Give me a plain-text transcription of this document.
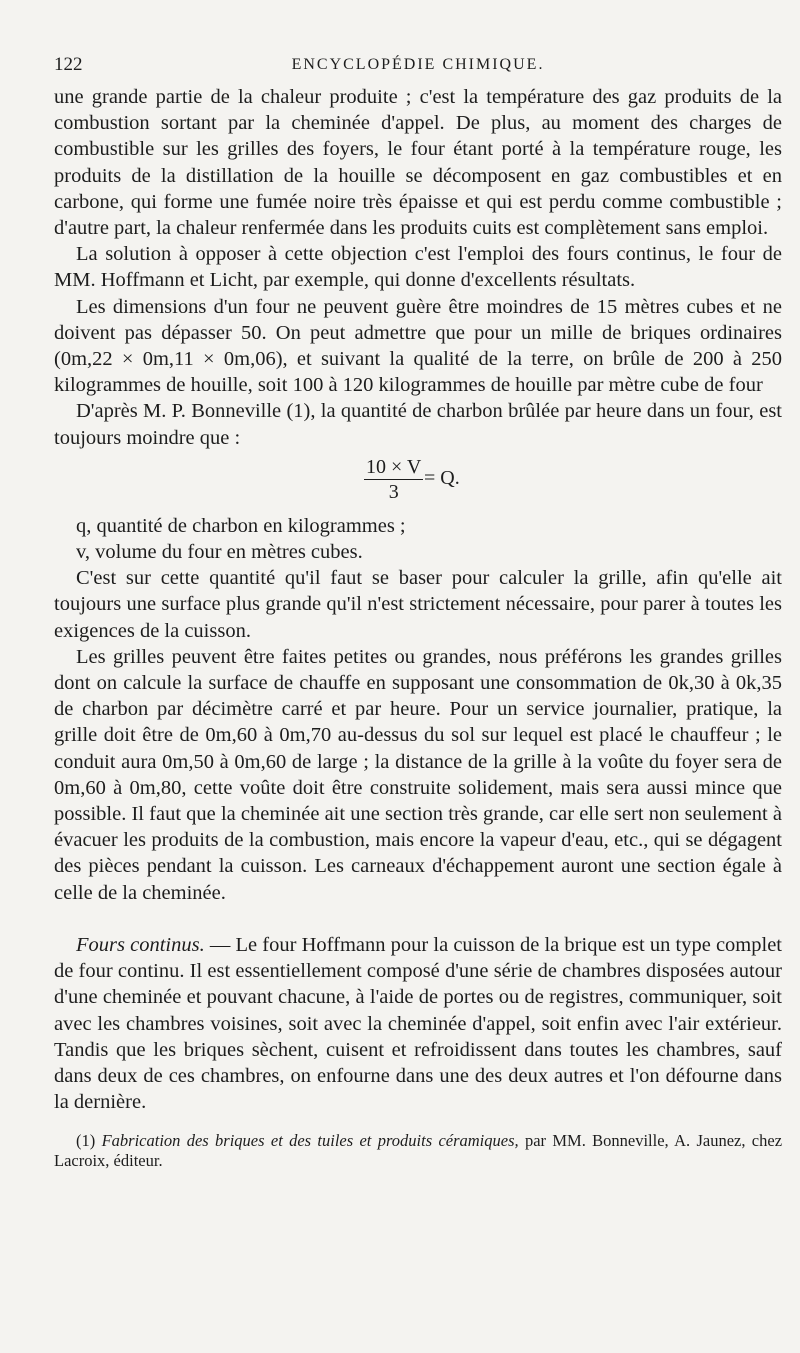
122	ENCYCLOPÉDIE CHIMIQUE.

une grande partie de la chaleur produite ; c'est la température des gaz produits de la combustion sortant par la cheminée d'appel. De plus, au moment des charges de combustible sur les grilles des foyers, le four étant porté à la température rouge, les produits de la distillation de la houille se décomposent en gaz combustibles et en carbone, qui forme une fumée noire très épaisse et qui est perdu comme combustible ; d'autre part, la chaleur renfermée dans les produits cuits est complètement sans emploi.

La solution à opposer à cette objection c'est l'emploi des fours continus, le four de MM. Hoffmann et Licht, par exemple, qui donne d'excellents résultats.

Les dimensions d'un four ne peuvent guère être moindres de 15 mètres cubes et ne doivent pas dépasser 50. On peut admettre que pour un mille de briques ordinaires (0m,22 × 0m,11 × 0m,06), et suivant la qualité de la terre, on brûle de 200 à 250 kilogrammes de houille, soit 100 à 120 kilogrammes de houille par mètre cube de four

D'après M. P. Bonneville (1), la quantité de charbon brûlée par heure dans un four, est toujours moindre que :

$\frac{10 \times V}{3} = Q$.
q, quantité de charbon en kilogrammes ;
v, volume du four en mètres cubes.

C'est sur cette quantité qu'il faut se baser pour calculer la grille, afin qu'elle ait toujours une surface plus grande qu'il n'est strictement nécessaire, pour parer à toutes les exigences de la cuisson.

Les grilles peuvent être faites petites ou grandes, nous préférons les grandes grilles dont on calcule la surface de chauffe en supposant une consommation de 0k,30 à 0k,35 de charbon par décimètre carré et par heure. Pour un service journalier, pratique, la grille doit être de 0m,60 à 0m,70 au-dessus du sol sur lequel est placé le chauffeur ; le conduit aura 0m,50 à 0m,60 de large ; la distance de la grille à la voûte du foyer sera de 0m,60 à 0m,80, cette voûte doit être construite solidement, mais sera aussi mince que possible. Il faut que la cheminée ait une section très grande, car elle sert non seulement à évacuer les produits de la combustion, mais encore la vapeur d'eau, etc., qui se dégagent des pièces pendant la cuisson. Les carneaux d'échappement auront une section égale à celle de la cheminée.

Fours continus. — Le four Hoffmann pour la cuisson de la brique est un type complet de four continu. Il est essentiellement composé d'une série de chambres disposées autour d'une cheminée et pouvant chacune, à l'aide de portes ou de registres, communiquer, soit avec les chambres voisines, soit avec la cheminée d'appel, soit enfin avec l'air extérieur. Tandis que les briques sèchent, cuisent et refroidissent dans toutes les chambres, sauf dans deux de ces chambres, on enfourne dans une des deux autres et l'on défourne dans la dernière.

(1) Fabrication des briques et des tuiles et produits céramiques, par MM. Bonneville, A. Jaunez, chez Lacroix, éditeur.
